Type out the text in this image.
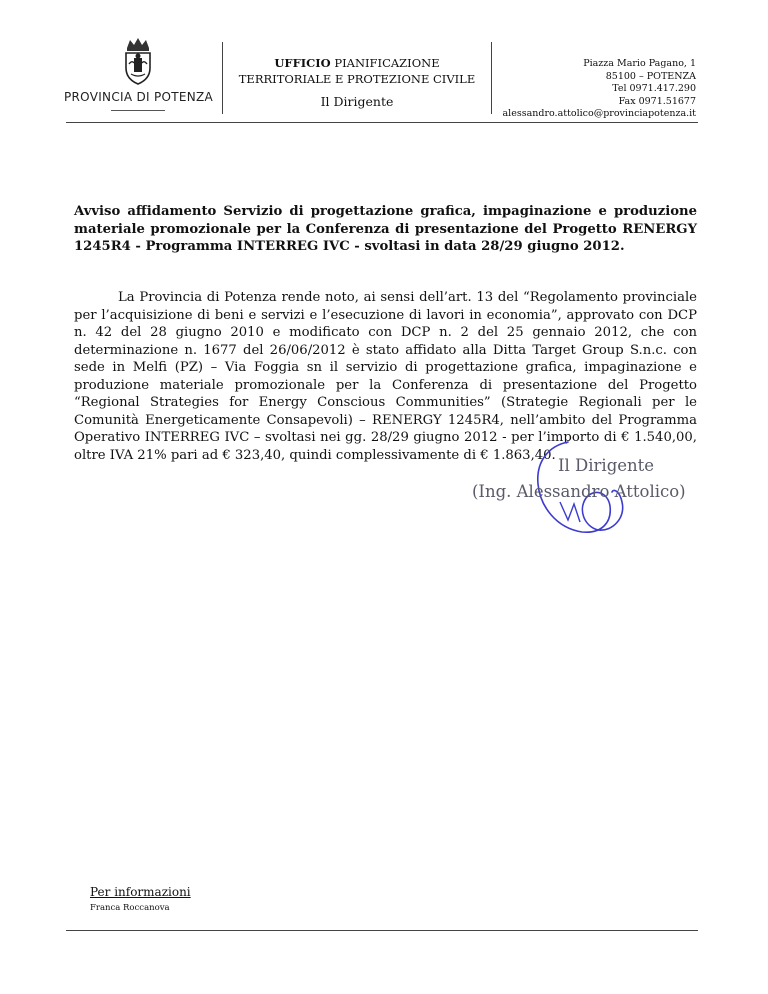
PROVINCIA DI POTENZA
UFFICIO PIANIFICAZIONE
TERRITORIALE E PROTEZIONE CIVILE
Il Dirigente
Piazza Mario Pagano, 1
85100 – POTENZA
Tel 0971.417.290
Fax 0971.51677
alessandro.attolico@provinciapotenza.it
Avviso affidamento Servizio di progettazione grafica, impaginazione e produzione materiale promozionale per la Conferenza di presentazione del Progetto RENERGY 1245R4 - Programma INTERREG IVC - svoltasi in data 28/29 giugno 2012.
La Provincia di Potenza rende noto, ai sensi dell’art. 13 del “Regolamento provinciale per l’acquisizione di beni e servizi e l’esecuzione di lavori in economia”, approvato con DCP n. 42 del 28 giugno 2010 e modificato con DCP n. 2 del 25 gennaio 2012, che con determinazione n. 1677 del 26/06/2012 è stato affidato alla Ditta Target Group S.n.c. con sede in Melfi (PZ) – Via Foggia sn il servizio di progettazione grafica, impaginazione e produzione materiale promozionale per la Conferenza di presentazione del Progetto “Regional Strategies for Energy Conscious Communities” (Strategie Regionali per le Comunità Energeticamente Consapevoli) – RENERGY 1245R4, nell’ambito del Programma Operativo INTERREG IVC – svoltasi nei gg. 28/29 giugno 2012 - per l’importo di € 1.540,00, oltre IVA 21% pari ad € 323,40, quindi complessivamente di € 1.863,40.
Il Dirigente
(Ing. Alessandro Attolico)
Per informazioni
Franca Roccanova
